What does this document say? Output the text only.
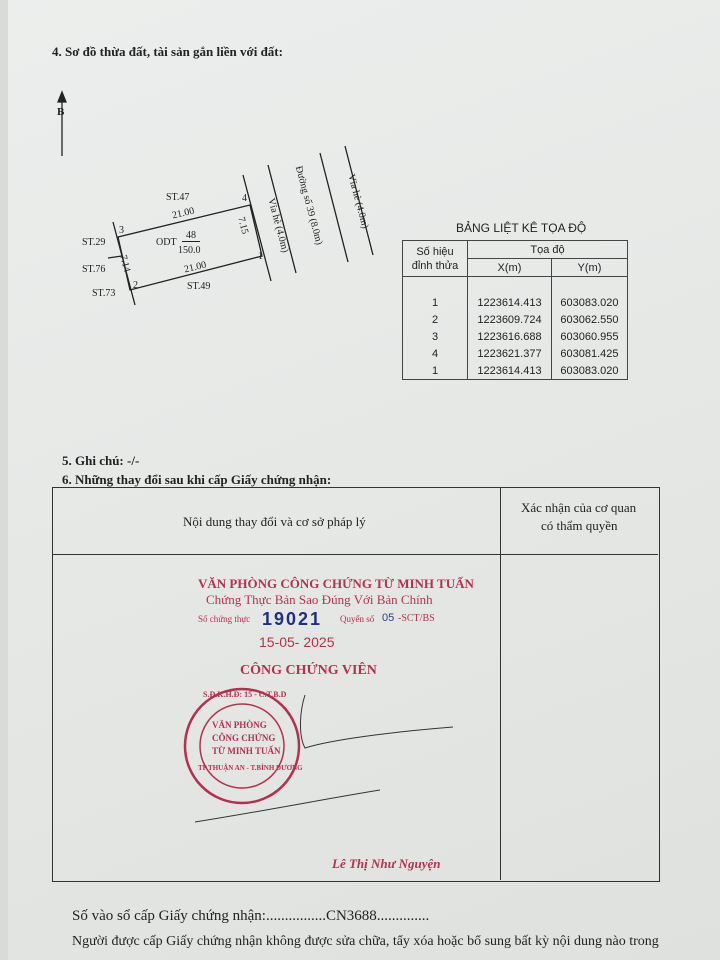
4. Sơ đồ thừa đất, tài sản gắn liền với đất:
B
ST.47
ST.29
ST.76
ST.73
ST.49
1
2
3
4
21.00
21.00
7.14
7.15
ODT
48
150.0	Vỉa hè (4.0m) Đường số 39 (8.0m) Vỉa hè (4.0m)	BẢNG LIỆT KÊ TỌA ĐỘ
Số hiệu
đỉnh thửa	Tọa độ	
	X(m)	Y(m)

1	1223614.413	603083.020
2	1223609.724	603062.550
3	1223616.688	603060.955
4	1223621.377	603081.425
1	1223614.413	603083.020
5. Ghi chú: -/-
6. Những thay đổi sau khi cấp Giấy chứng nhận:
Nội dung thay đổi và cơ sở pháp lý
Xác nhận của cơ quan
có thẩm quyền
VĂN PHÒNG CÔNG CHỨNG TỪ MINH TUẤN
Chứng Thực Bản Sao Đúng Với Bản Chính
Số chứng thực 19021 Quyển số 05 -SCT/BS
15-05- 2025
CÔNG CHỨNG VIÊN
S.Đ.K.H.Đ: 15 - C.T.B.D
TP.THUẬN AN - T.BÌNH DƯƠNG
VĂN PHÒNG
CÔNG CHỨNG
TỪ MINH TUẤN
Lê Thị Như Nguyện
Số vào sổ cấp Giấy chứng nhận:................CN3688..............
Người được cấp Giấy chứng nhận không được sửa chữa, tẩy xóa hoặc bổ sung bất kỳ nội dung nào trong
